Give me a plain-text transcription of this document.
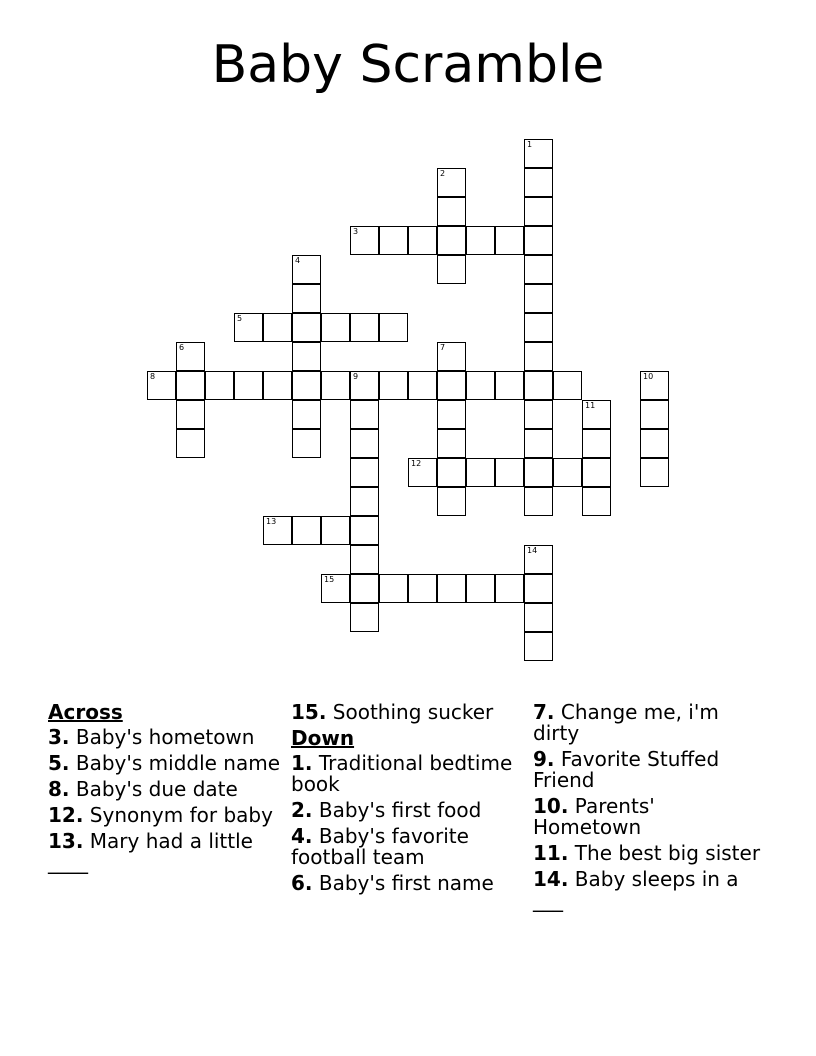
Baby Scramble
1
2
3
4
5
6	7
8	9	10
11
12
13
14
15
Across
3. Baby's hometown
5. Baby's middle name
8. Baby's due date
12. Synonym for baby
13. Mary had a little ____
15. Soothing sucker
Down
1. Traditional bedtime book
2. Baby's first food
4. Baby's favorite football team
6. Baby's first name
7. Change me, i'm dirty
9. Favorite Stuffed Friend
10. Parents' Hometown
11. The best big sister
14. Baby sleeps in a ___
